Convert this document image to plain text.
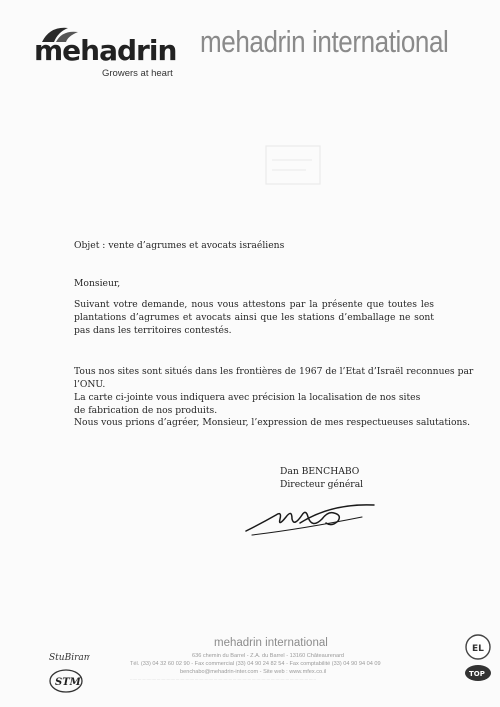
mehadrin
Growers at heart
mehadrin international
Objet : vente d’agrumes et avocats israéliens
Monsieur,
Suivant votre demande, nous vous attestons par la présente que toutes les plantations d’agrumes et avocats ainsi que les stations d’emballage ne sont pas dans les territoires contestés.
Tous nos sites sont situés dans les frontières de 1967 de l’Etat d’Israël reconnues par l’ONU.
La carte ci-jointe vous indiquera avec précision la localisation de nos sites de fabrication de nos produits.
Nous vous prions d’agréer, Monsieur, l’expression de mes respectueuses salutations.
Dan BENCHABO
Directeur général
StuBiram
STM
mehadrin international
636 chemin du Barrel - Z.A. du Barrel - 13160 Châteaurenard
Tél. (33) 04 32 60 02 90 - Fax commercial (33) 04 90 24 82 54 - Fax comptabilité (33) 04 90 94 04 09
benchabo@mehadrin-inter.com - Site web : www.mfex.co.il
…………………………………………………………………………………………………………………………………
EL
TOP
